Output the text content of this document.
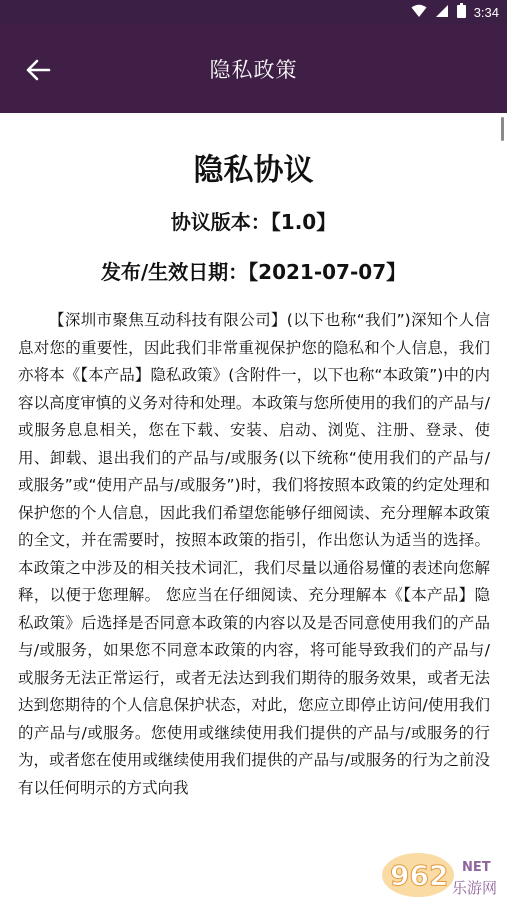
3:34
隐私政策
隐私协议
协议版本：【1.0】
发布/生效日期：【2021-07-07】

【深圳市聚焦互动科技有限公司】(以下也称“我们”)深知个人信息对您的重要性，因此我们非常重视保护您的隐私和个人信息，我们亦将本《【本产品】隐私政策》(含附件一，以下也称“本政策”)中的内容以高度审慎的义务对待和处理。本政策与您所使用的我们的产品与/或服务息息相关，您在下载、安装、启动、浏览、注册、登录、使用、卸载、退出我们的产品与/或服务(以下统称“使用我们的产品与/或服务”或“使用产品与/或服务”)时，我们将按照本政策的约定处理和保护您的个人信息，因此我们希望您能够仔细阅读、充分理解本政策的全文，并在需要时，按照本政策的指引，作出您认为适当的选择。本政策之中涉及的相关技术词汇，我们尽量以通俗易懂的表述向您解释，以便于您理解。 您应当在仔细阅读、充分理解本《【本产品】隐私政策》后选择是否同意本政策的内容以及是否同意使用我们的产品与/或服务，如果您不同意本政策的内容，将可能导致我们的产品与/或服务无法正常运行，或者无法达到我们期待的服务效果，或者无法达到您期待的个人信息保护状态，对此，您应立即停止访问/使用我们的产品与/或服务。您使用或继续使用我们提供的产品与/或服务的行为，或者您在使用或继续使用我们提供的产品与/或服务的行为之前没有以任何明示的方式向我

962 NET
乐游网
